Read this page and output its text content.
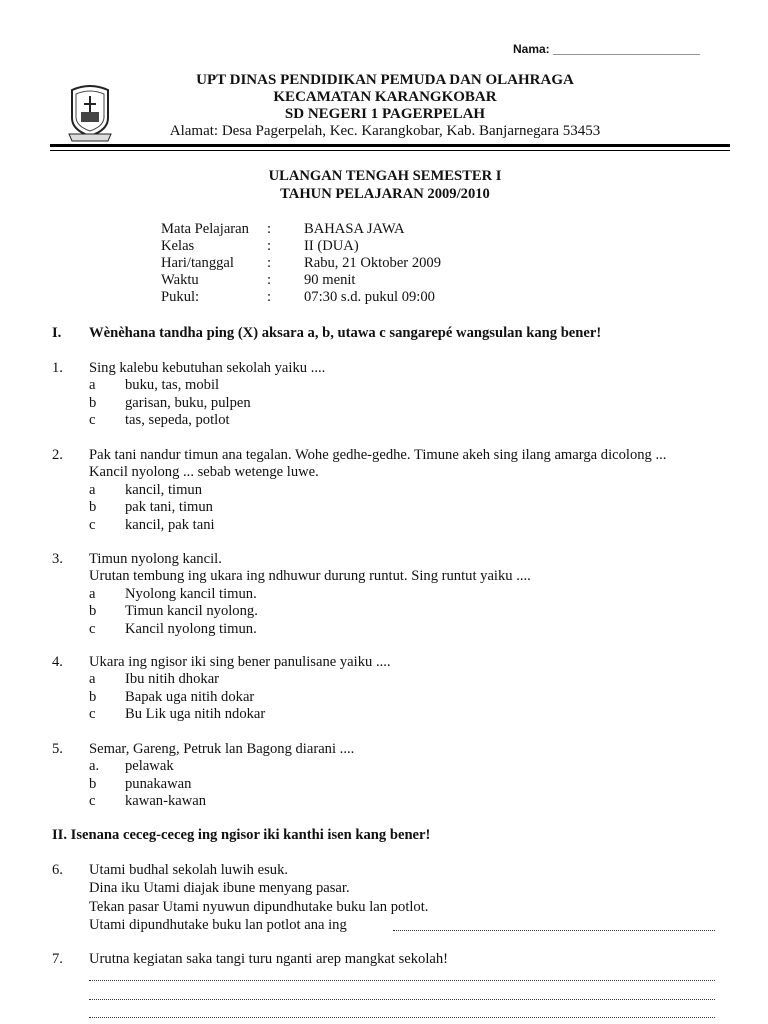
Nama: ______________________
UPT DINAS PENDIDIKAN PEMUDA DAN OLAHRAGA
KECAMATAN KARANGKOBAR
SD NEGERI 1 PAGERPELAH
Alamat: Desa Pagerpelah, Kec. Karangkobar, Kab. Banjarnegara 53453
ULANGAN TENGAH SEMESTER I
TAHUN PELAJARAN 2009/2010
Mata Pelajaran : BAHASA JAWA
Kelas	: II (DUA)
Hari/tanggal : Rabu, 21 Oktober 2009
Waktu	: 90 menit
Pukul:	: 07:30 s.d. pukul 09:00
I. Wènèhana tandha ping (X) aksara a, b, utawa c sangarepé wangsulan kang bener!
II. Isenana ceceg-ceceg ing ngisor iki kanthi isen kang bener!
1. Sing kalebu kebutuhan sekolah yaiku ....
a buku, tas, mobil
b garisan, buku, pulpen
c tas, sepeda, potlot
2. Pak tani nandur timun ana tegalan. Wohe gedhe-gedhe. Timune akeh sing ilang amarga dicolong ...
Kancil nyolong ... sebab wetenge luwe.
a kancil, timun
b pak tani, timun
c kancil, pak tani
3. Timun nyolong kancil.
Urutan tembung ing ukara ing ndhuwur durung runtut. Sing runtut yaiku ....
a Nyolong kancil timun.
b Timun kancil nyolong.
c Kancil nyolong timun.
4. Ukara ing ngisor iki sing bener panulisane yaiku ....
a Ibu nitih dhokar
b Bapak uga nitih dokar
c Bu Lik uga nitih ndokar
5. Semar, Gareng, Petruk lan Bagong diarani ....
a. pelawak
b punakawan
c kawan-kawan
6. Utami budhal sekolah luwih esuk.
Dina iku Utami diajak ibune menyang pasar.
Tekan pasar Utami nyuwun dipundhutake buku lan potlot.
Utami dipundhutake buku lan potlot ana ing
7. Urutna kegiatan saka tangi turu nganti arep mangkat sekolah!
